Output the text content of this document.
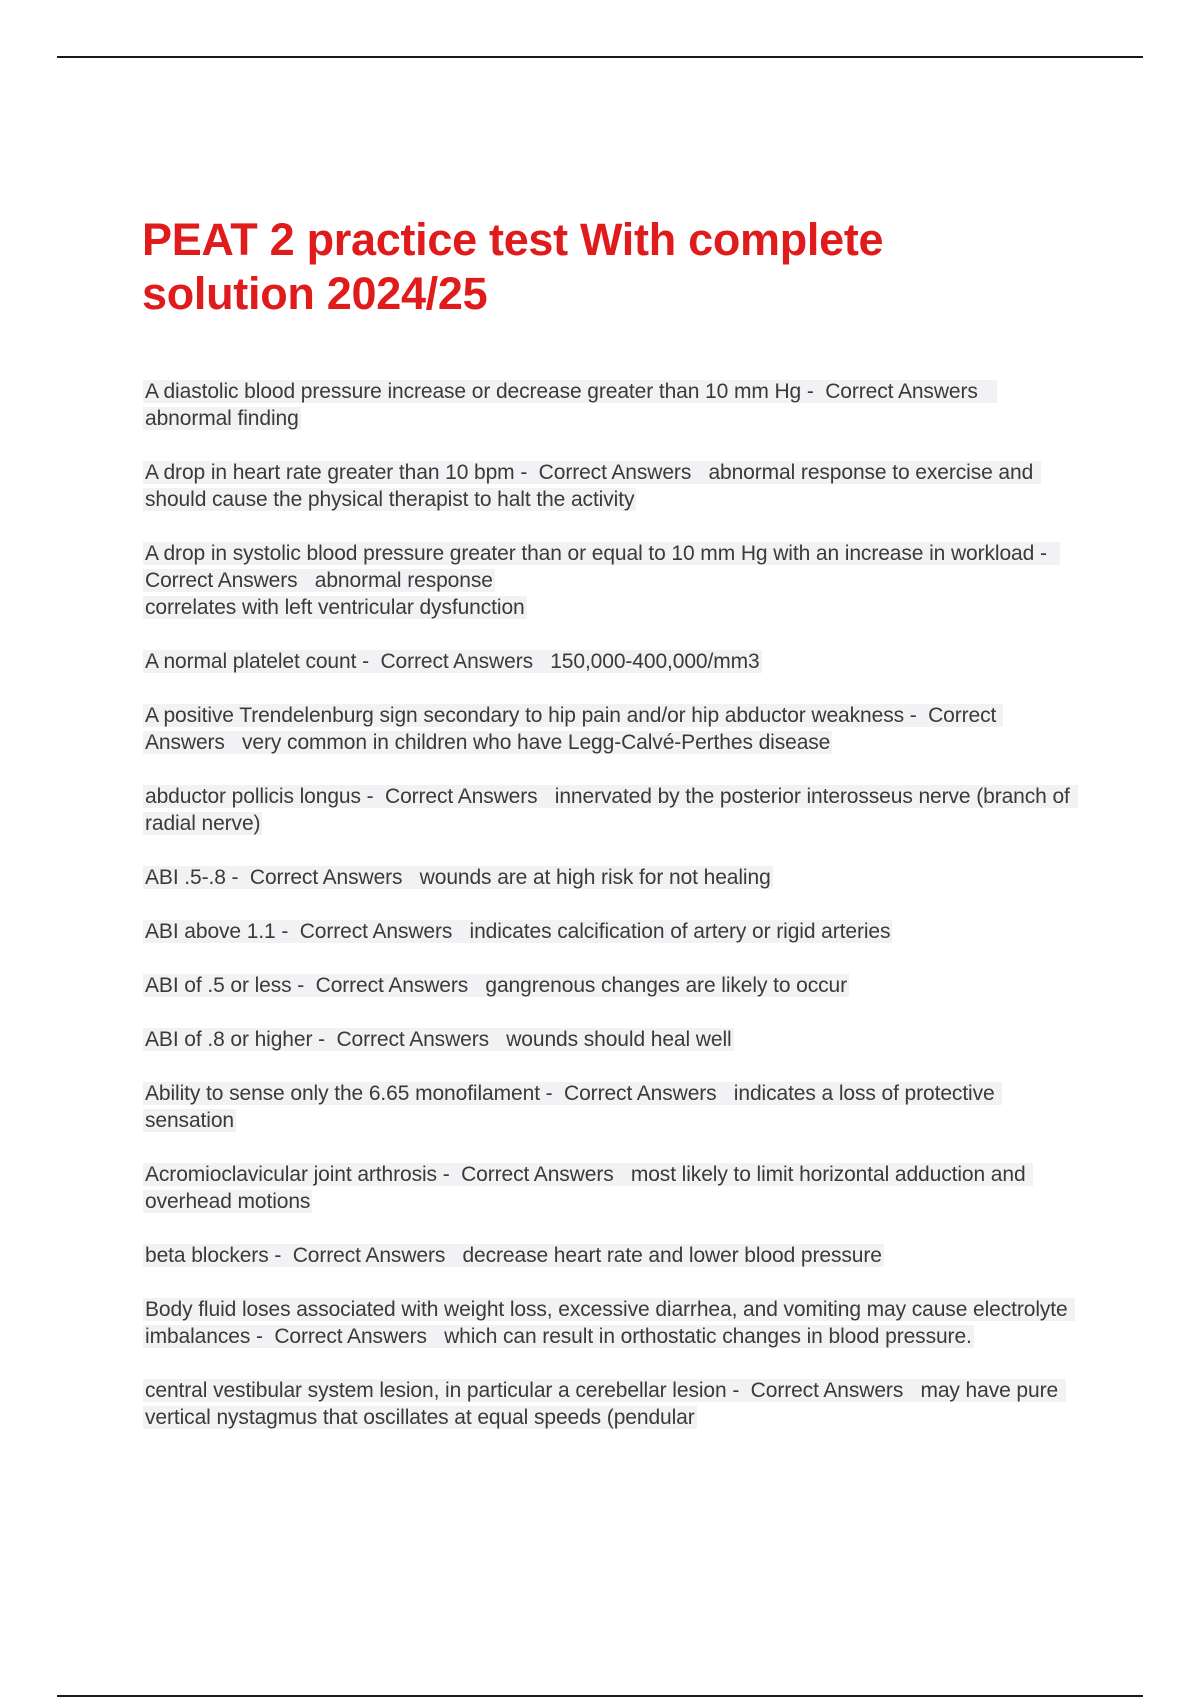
PEAT 2 practice test With complete solution 2024/25

A diastolic blood pressure increase or decrease greater than 10 mm Hg -  Correct Answers   abnormal finding

A drop in heart rate greater than 10 bpm -  Correct Answers   abnormal response to exercise and should cause the physical therapist to halt the activity

A drop in systolic blood pressure greater than or equal to 10 mm Hg with an increase in workload -  Correct Answers   abnormal response
correlates with left ventricular dysfunction

A normal platelet count -  Correct Answers   150,000-400,000/mm3

A positive Trendelenburg sign secondary to hip pain and/or hip abductor weakness -  Correct Answers   very common in children who have Legg-Calvé-Perthes disease

abductor pollicis longus -  Correct Answers   innervated by the posterior interosseus nerve (branch of radial nerve)

ABI .5-.8 -  Correct Answers   wounds are at high risk for not healing

ABI above 1.1 -  Correct Answers   indicates calcification of artery or rigid arteries

ABI of .5 or less -  Correct Answers   gangrenous changes are likely to occur

ABI of .8 or higher -  Correct Answers   wounds should heal well

Ability to sense only the 6.65 monofilament -  Correct Answers   indicates a loss of protective sensation

Acromioclavicular joint arthrosis -  Correct Answers   most likely to limit horizontal adduction and overhead motions

beta blockers -  Correct Answers   decrease heart rate and lower blood pressure

Body fluid loses associated with weight loss, excessive diarrhea, and vomiting may cause electrolyte imbalances -  Correct Answers   which can result in orthostatic changes in blood pressure.

central vestibular system lesion, in particular a cerebellar lesion -  Correct Answers   may have pure vertical nystagmus that oscillates at equal speeds (pendular
